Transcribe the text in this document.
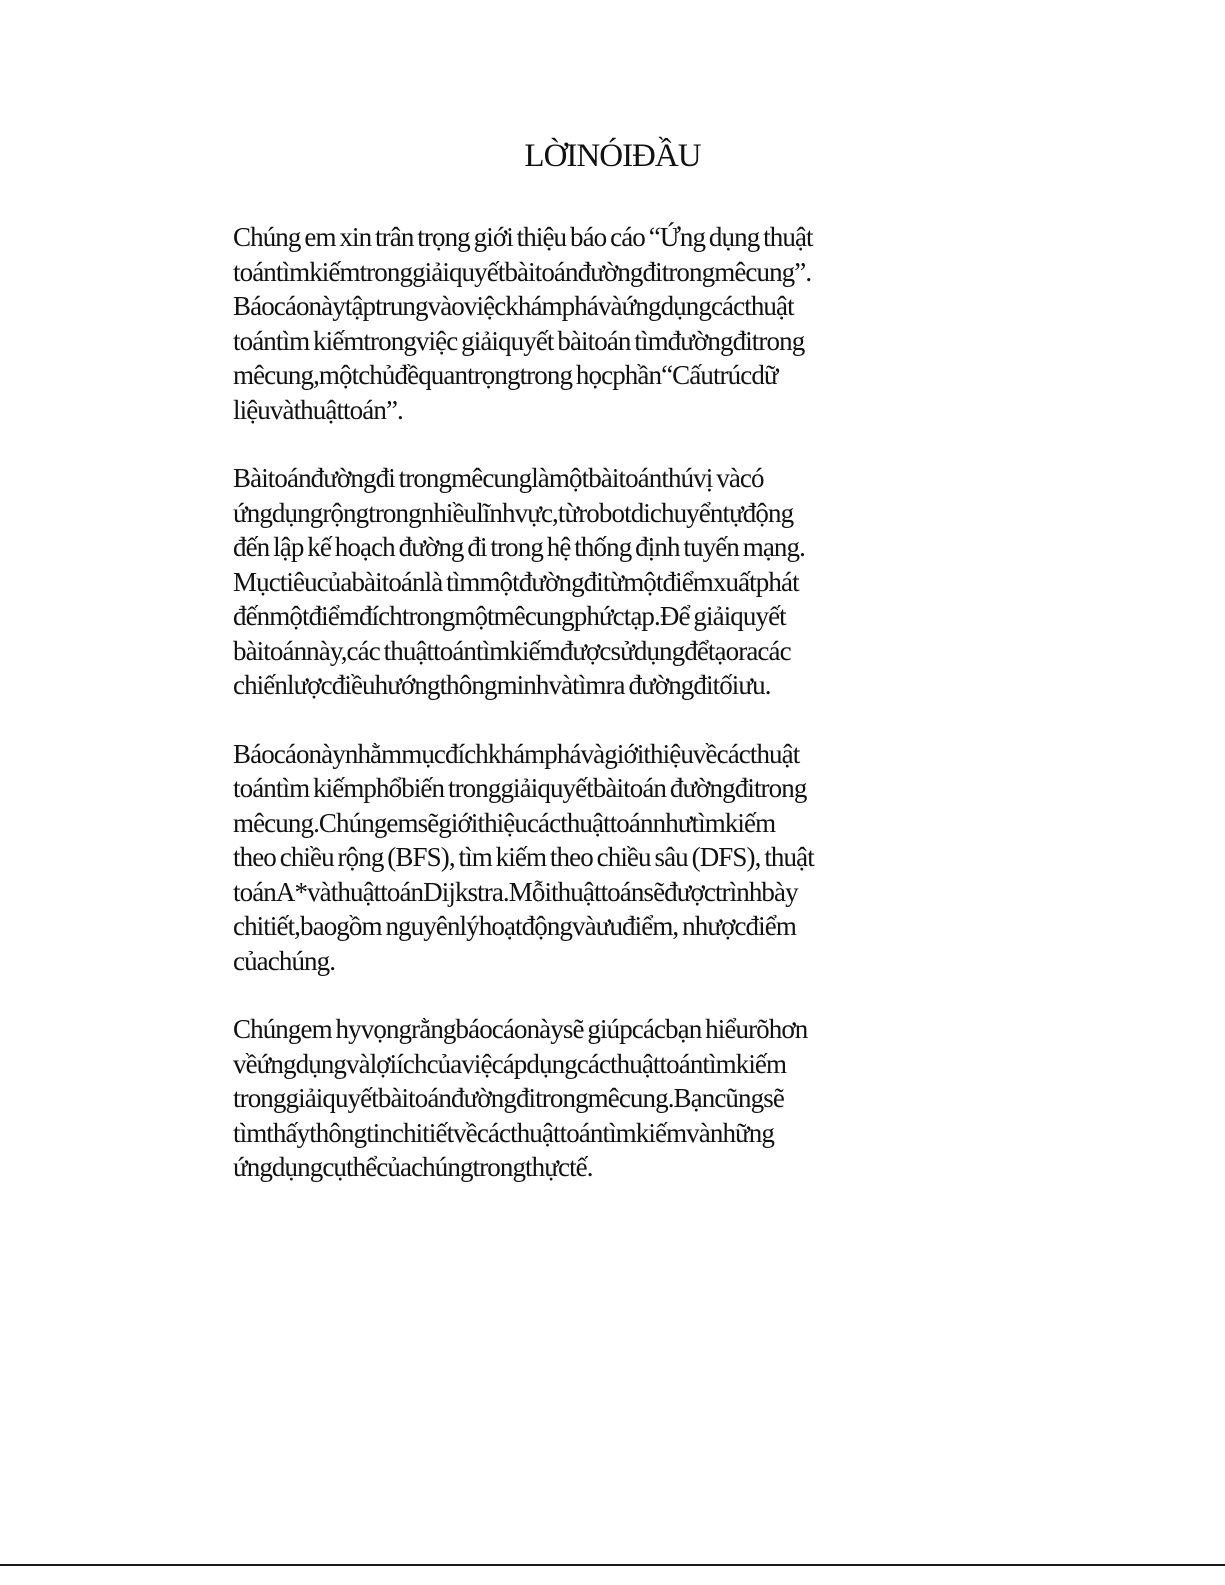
LỜINÓIĐẦU

Chúng em xin trân trọng giới thiệu báo cáo “Ứng dụng thuật
toántìmkiếmtronggiảiquyếtbàitoánđườngđitrongmêcung”.
Báocáonàytậptrungvàoviệckhámphávàứngdụngcácthuật
toántìm kiếmtrongviệc giảiquyết bàitoán tìmđườngđitrong
mêcung,mộtchủđềquantrọngtrong họcphần“Cấutrúcdữ
liệuvàthuậttoán”.

Bàitoánđườngđi trongmêcunglàmộtbàitoánthúvị vàcó
ứngdụngrộngtrongnhiềulĩnhvực,từrobotdichuyểntựđộng
đến lập kế hoạch đường đi trong hệ thống định tuyến mạng.
Mụctiêucủabàitoánlà tìmmộtđườngđitừmộtđiểmxuấtphát
đếnmộtđiểmđíchtrongmộtmêcungphứctạp.Để giảiquyết
bàitoánnày,các thuậttoántìmkiếmđượcsửdụngđểtạoracác
chiếnlượcđiềuhướngthôngminhvàtìmra đườngđitốiưu.

Báocáonàynhằmmụcđíchkhámphávàgiớithiệuvềcácthuật
toántìm kiếmphổbiến tronggiảiquyếtbàitoán đườngđitrong
mêcung.Chúngemsẽgiớithiệucácthuậttoánnhưtìmkiếm
theo chiều rộng (BFS), tìm kiếm theo chiều sâu (DFS), thuật
toánA*vàthuậttoánDijkstra.Mỗithuậttoánsẽđượctrìnhbày
chitiết,baogồm nguyênlýhoạtđộngvàưuđiểm, nhượcđiểm
củachúng.

Chúngem hyvọngrằngbáocáonàysẽ giúpcácbạn hiểurõhơn
vềứngdụngvàlợiíchcủaviệcápdụngcácthuậttoántìmkiếm
tronggiảiquyếtbàitoánđườngđitrongmêcung.Bạncũngsẽ
tìmthấythôngtinchitiếtvềcácthuậttoántìmkiếmvànhững
ứngdụngcụthểcủachúngtrongthựctế.
